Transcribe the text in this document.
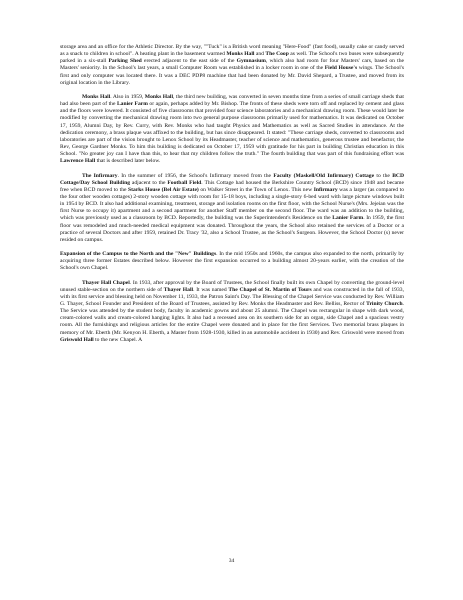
storage area and an office for the Athletic Director. By the way, ""Tuck" is a British word meaning "Here-Food" (fast food), usually cake or candy served as a snack to children in school". A heating plant in the basement warmed Monks Hall and The Coop as well. The School's two buses were subsequently parked in a six-stall Parking Shed erected adjacent to the east side of the Gymnasium, which also had room for four Masters' cars, based on the Masters' seniority. In the School's last years, a small Computer Room was established in a locker room in one of the Field House's wings. The School's first and only computer was located there. It was a DEC PDP8 machine that had been donated by Mr. David Shepard, a Trustee, and moved from its original location in the Library.

Monks Hall. Also in 1959, Monks Hall, the third new building, was converted in seven months time from a series of small carriage sheds that had also been part of the Lanier Farm or again, perhaps added by Mr. Bishop. The fronts of these sheds were torn off and replaced by cement and glass and the floors were lowered. It consisted of five classrooms that provided four science laboratories and a mechanical drawing room. These would later be modified by converting the mechanical drawing room into two general purpose classrooms primarily used for mathematics. It was dedicated on October 17, 1959, Alumni Day, by Rev. Curry, with Rev. Monks who had taught Physics and Mathematics as well as Sacred Studies in attendance. At the dedication ceremony, a brass plaque was affixed to the building, but has since disappeared. It stated: "These carriage sheds, converted to classrooms and laboratories are part of the vision brought to Lenox School by its Headmaster, teacher of science and mathematics, generous trustee and benefactor, the Rev, George Gardner Monks. To him this building is dedicated on October 17, 1959 with gratitude for his part in building Christian education in this School. "No greater joy can I have than this, to hear that my children follow the truth." The fourth building that was part of this fundraising effort was Lawrence Hall that is described later below.

The Infirmary. In the summer of 1956, the School's Infirmary moved from the Faculty (Maskell/Old Infirmary) Cottage to the BCD Cottage/Day School Building adjacent to the Football Field. This Cottage had housed the Berkshire Country School (BCD) since 1948 and became free when BCD moved to the Starks House (Bel Air Estate) on Walker Street in the Town of Lenox. This new Infirmary was a larger (as compared to the four other wooden cottages) 2-story wooden cottage with room for 15-18 boys, including a single-story 6-bed ward with large picture windows built in 1954 by BCD. It also had additional examining, treatment, storage and isolation rooms on the first floor, with the School Nurse's (Mrs. Jejeian was the first Nurse to occupy it) apartment and a second apartment for another Staff member on the second floor. The ward was an addition to the building, which was previously used as a classroom by BCD. Reportedly, the building was the Superintendent's Residence on the Lanier Farm. In 1959, the first floor was remodeled and much-needed medical equipment was donated. Throughout the years, the School also retained the services of a Doctor or a practice of several Doctors and after 1959, retained Dr. Tracy '32, also a School Trustee, as the School's Surgeon. However, the School Doctor (s) never resided on campus.

Expansion of the Campus to the North and the "New" Buildings. In the mid 1950s and 1960s, the campus also expanded to the north, primarily by acquiring three former Estates described below. However the first expansion occurred to a building almost 20-years earlier, with the creation of the School's own Chapel.

Thayer Hall Chapel. In 1933, after approval by the Board of Trustees, the School finally built its own Chapel by converting the ground-level unused stable-section on the northern side of Thayer Hall. It was named The Chapel of St. Martin of Tours and was constructed in the fall of 1933, with its first service and blessing held on November 11, 1933, the Patron Saint's Day. The Blessing of the Chapel Service was conducted by Rev. William G. Thayer, School Founder and President of the Board of Trustees, assisted by Rev. Monks the Headmaster and Rev. Belliss, Rector of Trinity Church. The Service was attended by the student body, faculty in academic gowns and about 25 alumni. The Chapel was rectangular in shape with dark wood, cream-colored walls and cream-colored hanging lights. It also had a recessed area on its southern side for an organ, side Chapel and a spacious vestry room. All the furnishings and religious articles for the entire Chapel were donated and in place for the first Services. Two memorial brass plaques in memory of Mr. Eberth (Mr. Kenyon H. Eberth, a Master from 1928-1930, killed in an automobile accident in 1930) and Rev. Griswold were moved from Griswold Hall to the new Chapel. A

34
